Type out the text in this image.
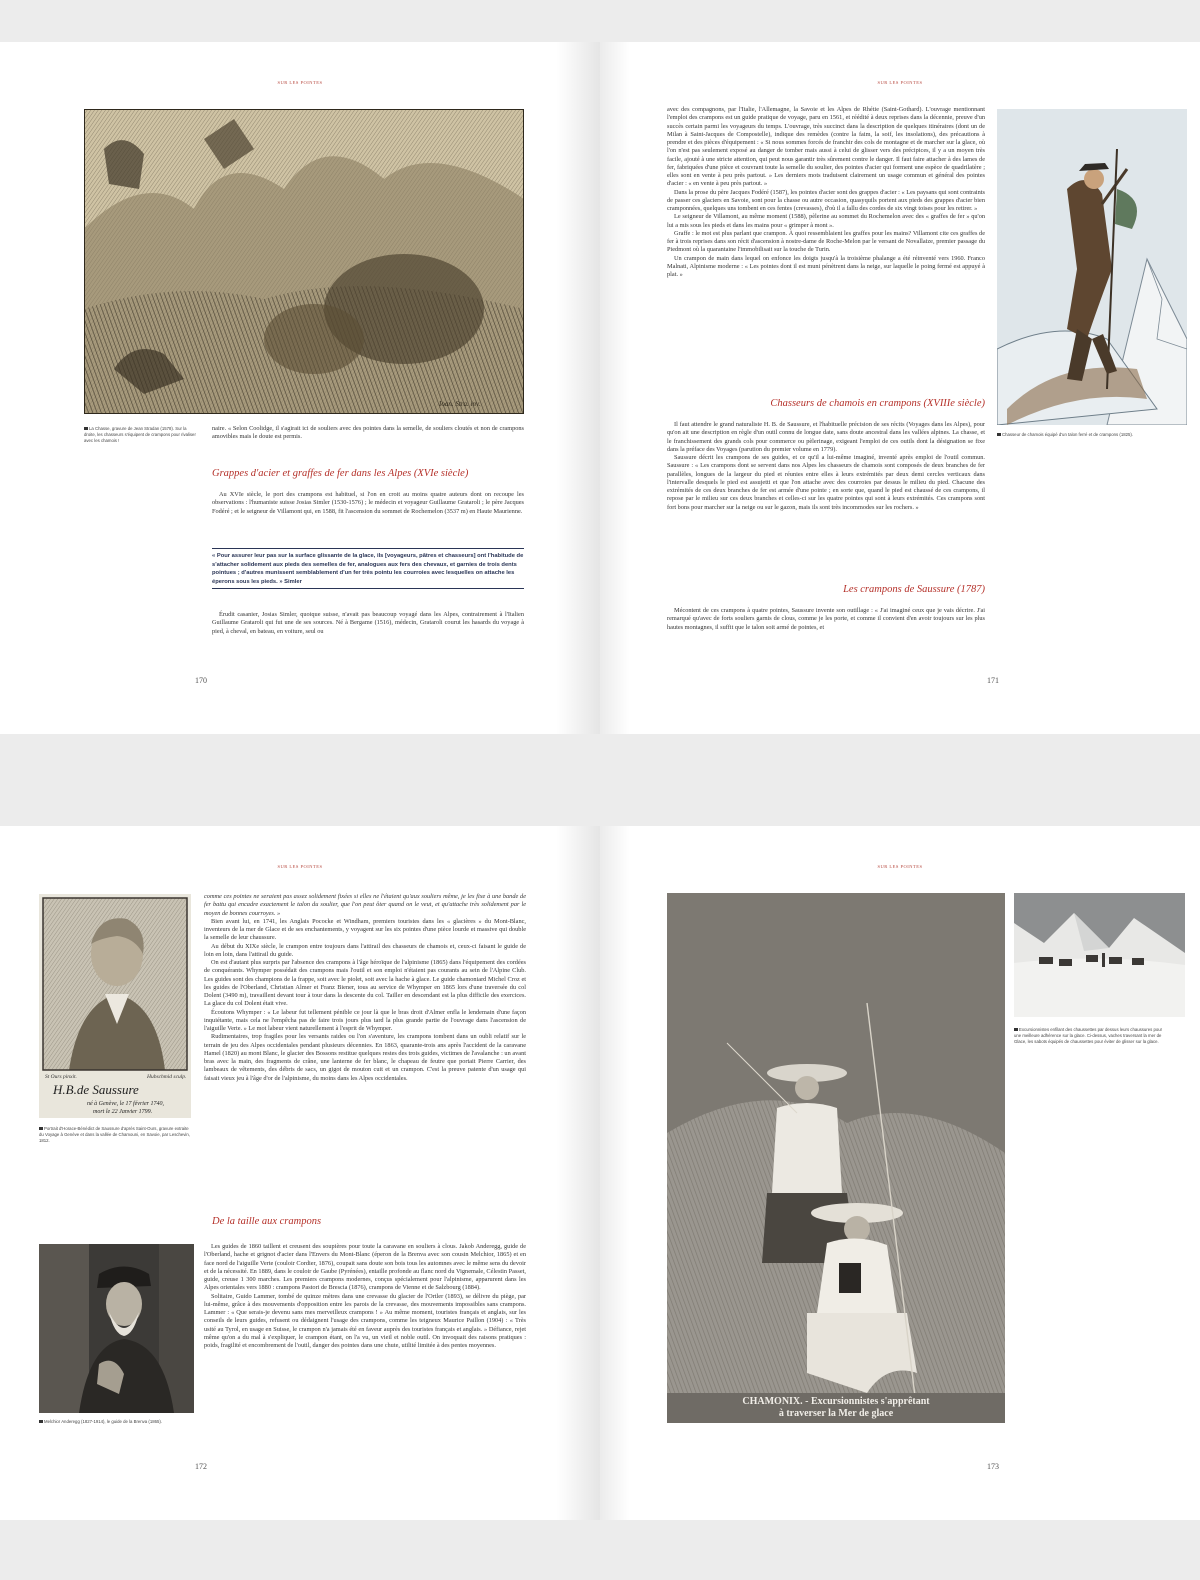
SUR LES POINTES
Ioan. Stra. inv.
La Chasse, gravure de Jean Stradan (1578). Sur la droite, les chasseurs s'équipent de crampons pour rivaliser avec les chamois !

naire. « Selon Coolidge, il s'agirait ici de souliers avec des pointes dans la semelle, de souliers cloutés et non de crampons amovibles mais le doute est permis.

Grappes d'acier et graffes de fer dans les Alpes (XVIe siècle)

Au XVIe siècle, le port des crampons est habituel, si l'on en croit au moins quatre auteurs dont on recoupe les observations : l'humaniste suisse Josias Simler (1530-1576) ; le médecin et voyageur Guillaume Grataroli ; le père Jacques Fodéré ; et le seigneur de Villamont qui, en 1588, fit l'ascension du sommet de Rochemelon (3537 m) en Haute Maurienne.

« Pour assurer leur pas sur la surface glissante de la glace, ils [voyageurs, pâtres et chasseurs] ont l'habitude de s'attacher solidement aux pieds des semelles de fer, analogues aux fers des chevaux, et garnies de trois dents pointues ; d'autres munissent semblablement d'un fer très pointu les courroies avec lesquelles on attache les éperons sous les pieds. » Simler

Érudit casanier, Josias Simler, quoique suisse, n'avait pas beaucoup voyagé dans les Alpes, contrairement à l'Italien Guillaume Grataroli qui fut une de ses sources. Né à Bergame (1516), médecin, Grataroli courut les hasards du voyage à pied, à cheval, en bateau, en voiture, seul ou

170
SUR LES POINTES

avec des compagnons, par l'Italie, l'Allemagne, la Savoie et les Alpes de Rhétie (Saint-Gothard). L'ouvrage mentionnant l'emploi des crampons est un guide pratique de voyage, paru en 1561, et réédité à deux reprises dans la décennie, preuve d'un succès certain parmi les voyageurs du temps. L'ouvrage, très succinct dans la description de quelques itinéraires (dont un de Milan à Saint-Jacques de Compostelle), indique des remèdes (contre la faim, la soif, les insolations), des précautions à prendre et des pièces d'équipement : « Si nous sommes forcés de franchir des cols de montagne et de marcher sur la glace, où l'on n'est pas seulement exposé au danger de tomber mais aussi à celui de glisser vers des précipices, il y a un moyen très facile, ajouté à une stricte attention, qui peut nous garantir très sûrement contre le danger. Il faut faire attacher à des lames de fer, fabriquées d'une pièce et couvrant toute la semelle du soulier, des pointes d'acier qui forment une espèce de quadrilatère ; elles sont en vente à peu près partout. » Les derniers mots traduisent clairement un usage commun et général des pointes d'acier : « en vente à peu près partout. »

Dans la prose du père Jacques Fodéré (1587), les pointes d'acier sont des grappes d'acier : « Les paysans qui sont contraints de passer ces glaciers en Savoie, sont pour la chasse ou autre occasion, quasyquils portent aux pieds des grappes d'acier bien cramponnées, quelques uns tombent en ces fentes (crevasses), d'où il a fallu des cordes de six vingt toises pour les retirer. »

Le seigneur de Villamont, au même moment (1588), pèlerine au sommet du Rochemelon avec des « graffes de fer » qu'on lui a mis sous les pieds et dans les mains pour « grimper à mont ».

Graffe : le mot est plus parlant que crampon. À quoi ressemblaient les graffes pour les mains? Villamont cite ces graffes de fer à trois reprises dans son récit d'ascension à nostre-dame de Roche-Melon par le versant de Novallaize, premier passage du Piedmont où la quarantaine l'immobilisait sur la touche de Turin.

Un crampon de main dans lequel on enfonce les doigts jusqu'à la troisième phalange a été réinventé vers 1960. Franco Malnati, Alpinisme moderne : « Les pointes dont il est muni pénètrent dans la neige, sur laquelle le poing fermé est appuyé à plat. »

Chasseurs de chamois en crampons (XVIIIe siècle)

Il faut attendre le grand naturaliste H. B. de Saussure, et l'habituelle précision de ses récits (Voyages dans les Alpes), pour qu'on ait une description en règle d'un outil connu de longue date, sans doute ancestral dans les vallées alpines. La chasse, et le franchissement des grands cols pour commerce ou pèlerinage, exigeant l'emploi de ces outils dont la désignation se fixe dans la préface des Voyages (parution du premier volume en 1779).

Saussure décrit les crampons de ses guides, et ce qu'il a lui-même imaginé, inventé après emploi de l'outil commun. Saussure : « Les crampons dont se servent dans nos Alpes les chasseurs de chamois sont composés de deux branches de fer parallèles, longues de la largeur du pied et réunies entre elles à leurs extrémités par deux demi cercles verticaux dans l'intervalle desquels le pied est assujetti et que l'on attache avec des courroies par dessus le milieu du pied. Chacune des extrémités de ces deux branches de fer est armée d'une pointe ; en sorte que, quand le pied est chaussé de ces crampons, il repose par le milieu sur ces deux branches et celles-ci sur les quatre pointes qui sont à leurs extrémités. Ces crampons sont fort bons pour marcher sur la neige ou sur le gazon, mais ils sont très incommodes sur les rochers. »

Les crampons de Saussure (1787)

Mécontent de ces crampons à quatre pointes, Saussure invente son outillage : « J'ai imaginé ceux que je vais décrire. J'ai remarqué qu'avec de forts souliers garnis de clous, comme je les porte, et comme il convient d'en avoir toujours sur les plus hautes montagnes, il suffit que le talon soit armé de pointes, et

Chasseur de chamois équipé d'un talon ferré et de crampons (1825).
171
SUR LES POINTES
St Ours pinxit.	Hubschmid sculp.
H.B.de Saussure
né à Genève, le 17 février 1740,
mort le 22 Janvier 1799.
Portrait d'Horace-Bénédict de Saussure d'après Saint-Ours, gravure extraite du Voyage à Genève et dans la vallée de Chamouni, en Savoie, par Leschevin, 1812.

comme ces pointes ne seraient pas assez solidement fixées si elles ne l'étaient qu'aux souliers même, je les fixe à une bande de fer battu qui encadre exactement le talon du soulier, que l'on peut ôter quand on le veut, et qu'attache très solidement par le moyen de bonnes courroyes. »

Bien avant lui, en 1741, les Anglais Pococke et Windham, premiers touristes dans les « glacières » du Mont-Blanc, inventeurs de la mer de Glace et de ses enchantements, y voyagent sur les six pointes d'une pièce lourde et massive qui double la semelle de leur chaussure.

Au début du XIXe siècle, le crampon entre toujours dans l'attirail des chasseurs de chamois et, ceux-ci faisant le guide de loin en loin, dans l'attirail du guide.

On est d'autant plus surpris par l'absence des crampons à l'âge héroïque de l'alpinisme (1865) dans l'équipement des cordées de conquérants. Whymper possédait des crampons mais l'outil et son emploi n'étaient pas courants au sein de l'Alpine Club. Les guides sont des champions de la frappe, soit avec le piolet, soit avec la hache à glace. Le guide chamoniard Michel Croz et les guides de l'Oberland, Christian Almer et Franz Biener, tous au service de Whymper en 1865 lors d'une traversée du col Dolent (3490 m), travaillent devant tour à tour dans la descente du col. Tailler en descendant est la plus difficile des exercices. La glace du col Dolent était vive.

Écoutons Whymper : « Le labeur fut tellement pénible ce jour là que le bras droit d'Almer enfla le lendemain d'une façon inquiétante, mais cela ne l'empêcha pas de faire trois jours plus tard la plus grande partie de l'ouvrage dans l'ascension de l'aiguille Verte. » Le mot labeur vient naturellement à l'esprit de Whymper.

Rudimentaires, trop fragiles pour les versants raides ou l'on s'aventure, les crampons tombent dans un oubli relatif sur le terrain de jeu des Alpes occidentales pendant plusieurs décennies. En 1863, quarante-trois ans après l'accident de la caravane Hamel (1820) au mont Blanc, le glacier des Bossons restitue quelques restes des trois guides, victimes de l'avalanche : un avant bras avec la main, des fragments de crâne, une lanterne de fer blanc, le chapeau de feutre que portait Pierre Carrier, des lambeaux de vêtements, des débris de sacs, un gigot de mouton cuit et un crampon. C'est la preuve patente d'un usage qui faisait vieux jeu à l'âge d'or de l'alpinisme, du moins dans les Alpes occidentales.

De la taille aux crampons
Melchior Anderegg (1827-1914), le guide de la Brenva (1865).

Les guides de 1860 taillent et creusent des soupières pour toute la caravane en souliers à clous. Jakob Anderegg, guide de l'Oberland, hache et grignot d'acier dans l'Envers du Mont-Blanc (éperon de la Brenva avec son cousin Melchior, 1865) et en face nord de l'aiguille Verte (couloir Cordier, 1876), coupait sans doute son bois tous les automnes avec le même sens du devoir et de la nécessité. En 1889, dans le couloir de Gaube (Pyrénées), entaille profonde au flanc nord du Vignemale, Célestin Passet, guide, creuse 1 300 marches. Les premiers crampons modernes, conçus spécialement pour l'alpinisme, apparurent dans les Alpes orientales vers 1880 : crampons Pastori de Brescia (1876), crampons de Vienne et de Salzbourg (1884).

Solitaire, Guido Lammer, tombé de quinze mètres dans une crevasse du glacier de l'Ortler (1893), se délivre du piège, par lui-même, grâce à des mouvements d'opposition entre les parois de la crevasse, des mouvements impossibles sans crampons. Lammer : « Que serais-je devenu sans mes merveilleux crampons ! » Au même moment, touristes français et anglais, sur les conseils de leurs guides, refusent ou dédaignent l'usage des crampons, comme les teigneux Maurice Paillon (1904) : « Très usité au Tyrol, en usage en Suisse, le crampon n'a jamais été en faveur auprès des touristes français et anglais. » Défiance, rejet même qu'on a du mal à s'expliquer, le crampon étant, on l'a vu, un vieil et noble outil. On invoquait des raisons pratiques : poids, fragilité et encombrement de l'outil, danger des pointes dans une chute, utilité limitée à des pentes moyennes.

172
SUR LES POINTES
CHAMONIX. - Excursionnistes s'apprêtant
à traverser la Mer de glace
Excursionnistes enfilant des chaussettes par dessus leurs chaussures pour une meilleure adhérence sur la glace. Ci-dessus, vaches traversant la mer de Glace, les sabots équipés de chaussettes pour éviter de glisser sur la glace.
173
